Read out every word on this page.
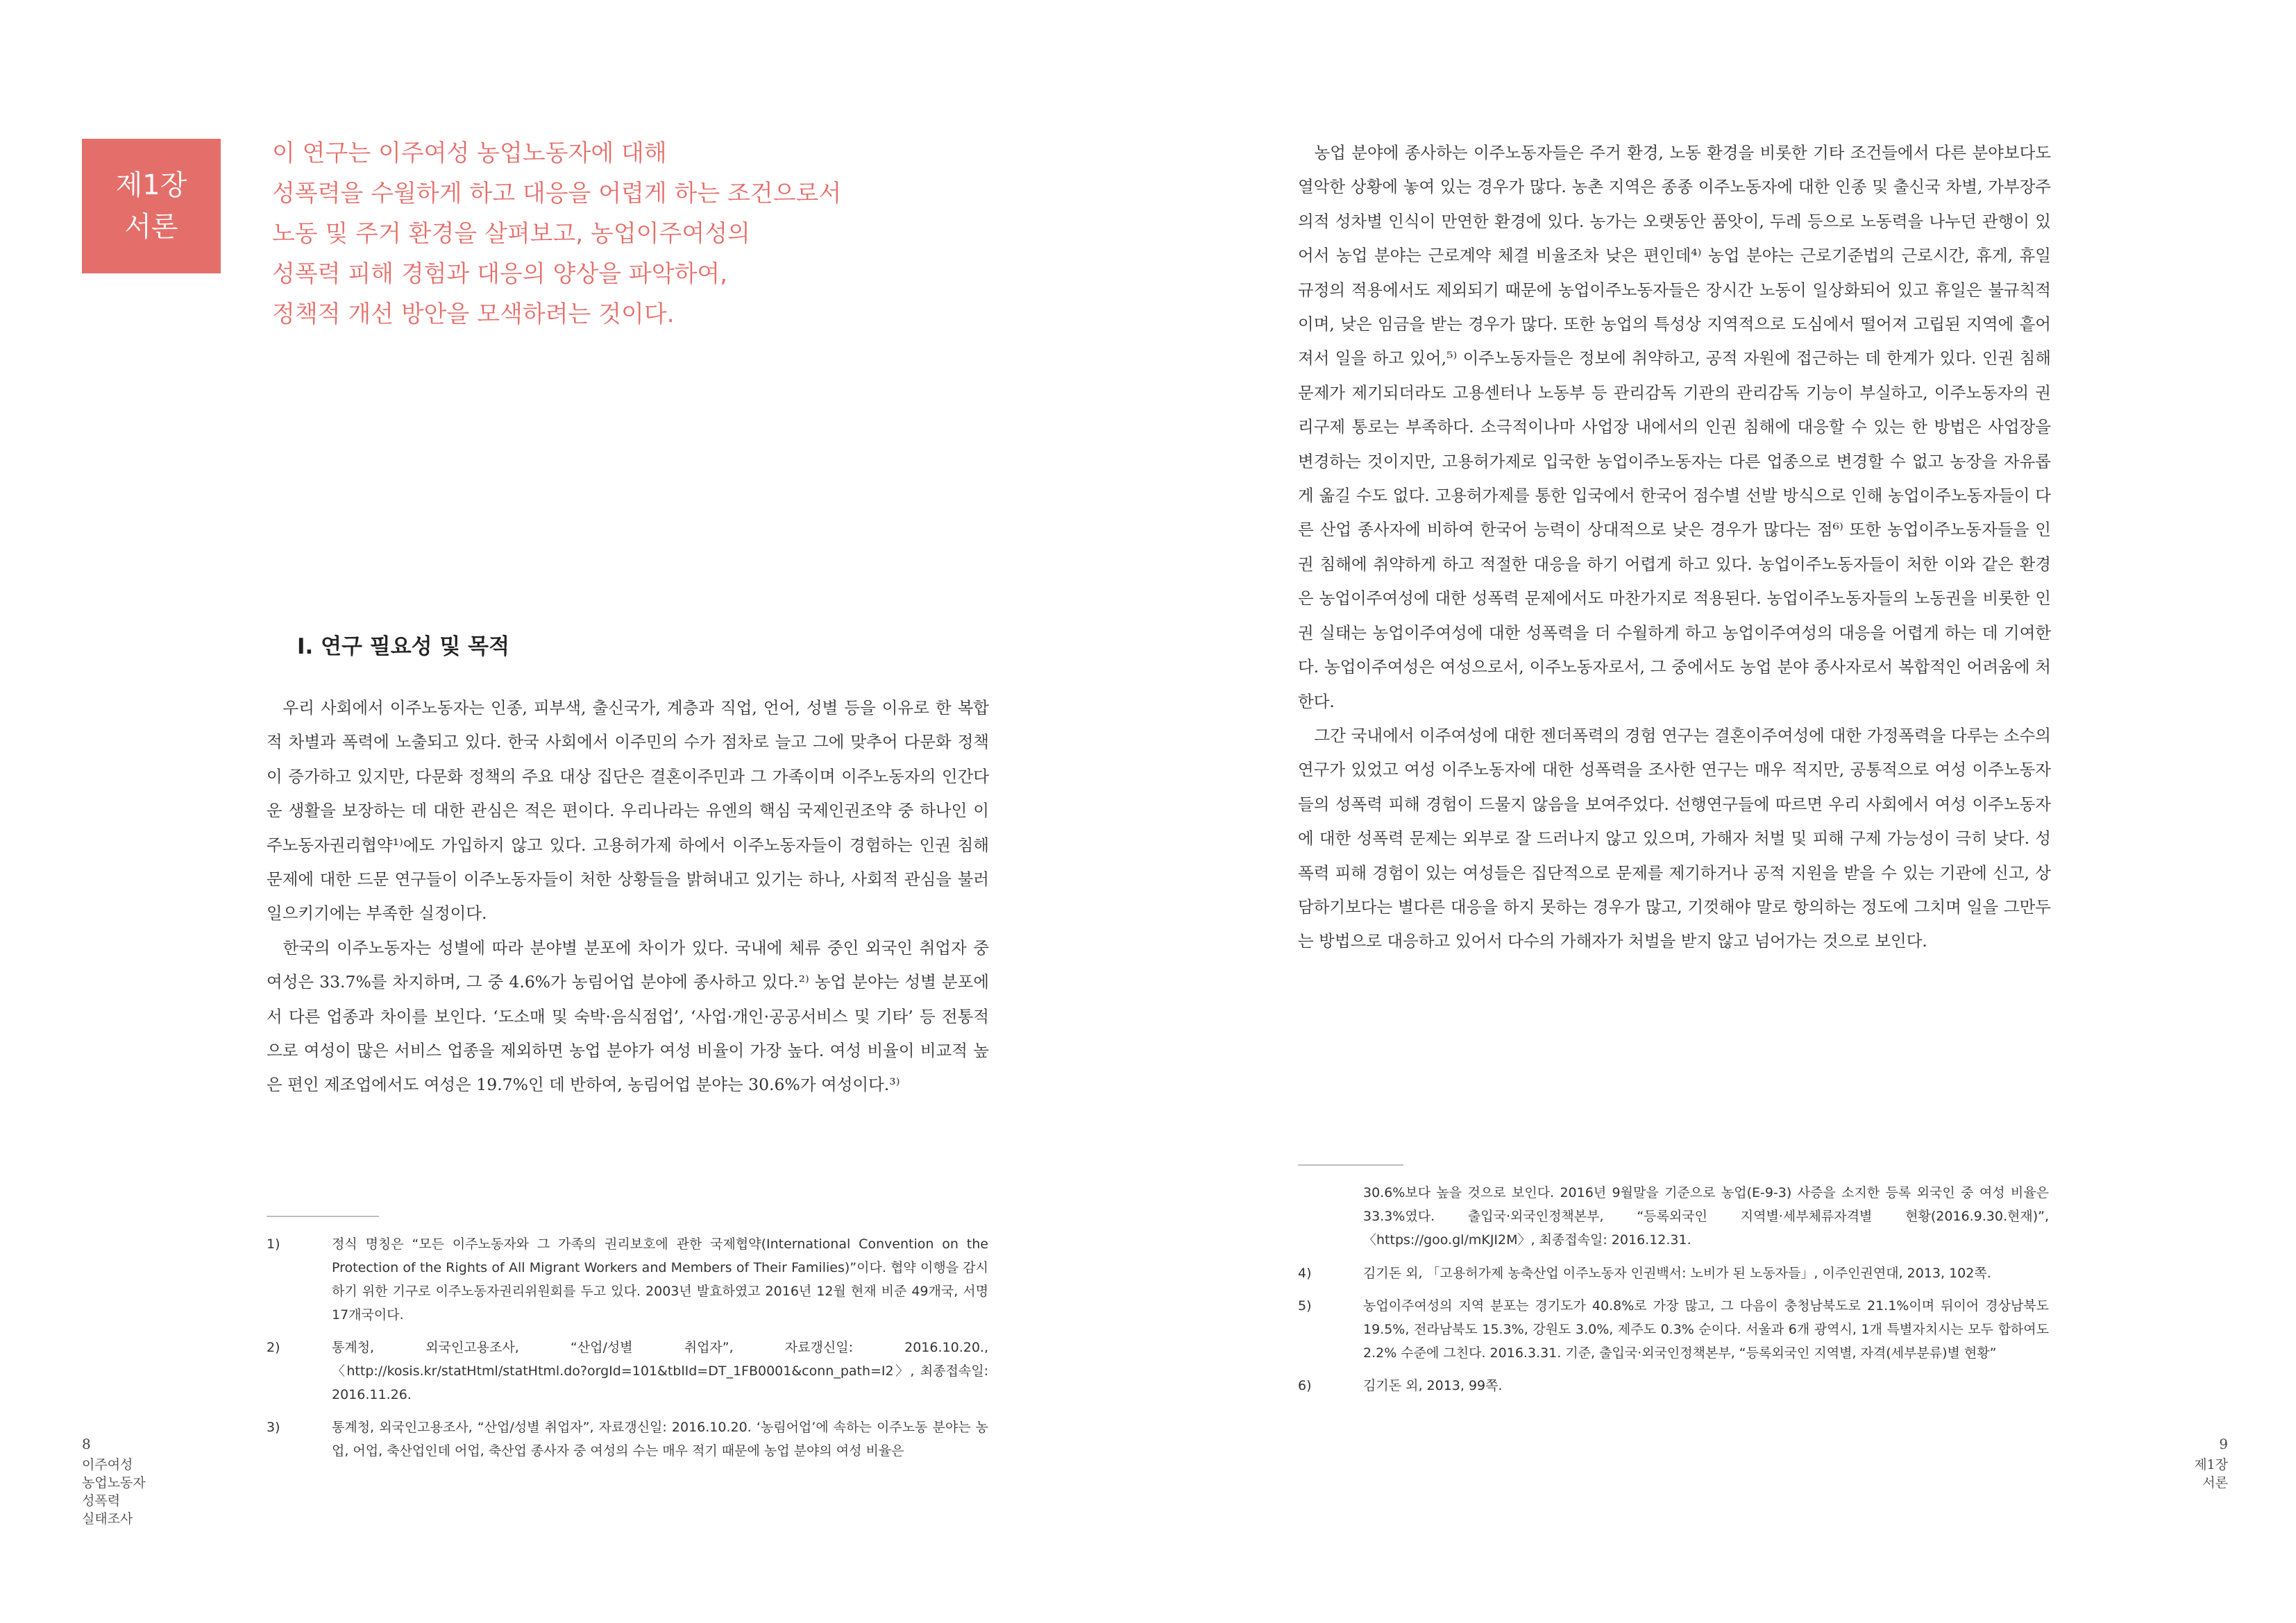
제1장
서론
이 연구는 이주여성 농업노동자에 대해
성폭력을 수월하게 하고 대응을 어렵게 하는 조건으로서
노동 및 주거 환경을 살펴보고, 농업이주여성의
성폭력 피해 경험과 대응의 양상을 파악하여,
정책적 개선 방안을 모색하려는 것이다.
Ⅰ. 연구 필요성 및 목적

우리 사회에서 이주노동자는 인종, 피부색, 출신국가, 계층과 직업, 언어, 성별 등을 이유로 한 복합적 차별과 폭력에 노출되고 있다. 한국 사회에서 이주민의 수가 점차로 늘고 그에 맞추어 다문화 정책이 증가하고 있지만, 다문화 정책의 주요 대상 집단은 결혼이주민과 그 가족이며 이주노동자의 인간다운 생활을 보장하는 데 대한 관심은 적은 편이다. 우리나라는 유엔의 핵심 국제인권조약 중 하나인 이주노동자권리협약¹⁾에도 가입하지 않고 있다. 고용허가제 하에서 이주노동자들이 경험하는 인권 침해 문제에 대한 드문 연구들이 이주노동자들이 처한 상황들을 밝혀내고 있기는 하나, 사회적 관심을 불러일으키기에는 부족한 실정이다.

한국의 이주노동자는 성별에 따라 분야별 분포에 차이가 있다. 국내에 체류 중인 외국인 취업자 중 여성은 33.7%를 차지하며, 그 중 4.6%가 농림어업 분야에 종사하고 있다.²⁾ 농업 분야는 성별 분포에서 다른 업종과 차이를 보인다. ‘도소매 및 숙박·음식점업’, ‘사업·개인·공공서비스 및 기타’ 등 전통적으로 여성이 많은 서비스 업종을 제외하면 농업 분야가 여성 비율이 가장 높다. 여성 비율이 비교적 높은 편인 제조업에서도 여성은 19.7%인 데 반하여, 농림어업 분야는 30.6%가 여성이다.³⁾

1)	정식 명칭은 “모든 이주노동자와 그 가족의 권리보호에 관한 국제협약(International Convention on the Protection of the Rights of All Migrant Workers and Members of Their Families)”이다. 협약 이행을 감시하기 위한 기구로 이주노동자권리위원회를 두고 있다. 2003년 발효하였고 2016년 12월 현재 비준 49개국, 서명 17개국이다.
2)	통계청, 외국인고용조사, “산업/성별 취업자”, 자료갱신일: 2016.10.20., 〈http://kosis.kr/statHtml/statHtml.do?orgId=101&tblId=DT_1FB0001&conn_path=I2〉, 최종접속일: 2016.11.26.
3)	통계청, 외국인고용조사, “산업/성별 취업자”, 자료갱신일: 2016.10.20. ‘농림어업’에 속하는 이주노동 분야는 농업, 어업, 축산업인데 어업, 축산업 종사자 중 여성의 수는 매우 적기 때문에 농업 분야의 여성 비율은
8
이주여성
농업노동자
성폭력
실태조사

농업 분야에 종사하는 이주노동자들은 주거 환경, 노동 환경을 비롯한 기타 조건들에서 다른 분야보다도 열악한 상황에 놓여 있는 경우가 많다. 농촌 지역은 종종 이주노동자에 대한 인종 및 출신국 차별, 가부장주의적 성차별 인식이 만연한 환경에 있다. 농가는 오랫동안 품앗이, 두레 등으로 노동력을 나누던 관행이 있어서 농업 분야는 근로계약 체결 비율조차 낮은 편인데⁴⁾ 농업 분야는 근로기준법의 근로시간, 휴게, 휴일 규정의 적용에서도 제외되기 때문에 농업이주노동자들은 장시간 노동이 일상화되어 있고 휴일은 불규칙적이며, 낮은 임금을 받는 경우가 많다. 또한 농업의 특성상 지역적으로 도심에서 떨어져 고립된 지역에 흩어져서 일을 하고 있어,⁵⁾ 이주노동자들은 정보에 취약하고, 공적 자원에 접근하는 데 한계가 있다. 인권 침해 문제가 제기되더라도 고용센터나 노동부 등 관리감독 기관의 관리감독 기능이 부실하고, 이주노동자의 권리구제 통로는 부족하다. 소극적이나마 사업장 내에서의 인권 침해에 대응할 수 있는 한 방법은 사업장을 변경하는 것이지만, 고용허가제로 입국한 농업이주노동자는 다른 업종으로 변경할 수 없고 농장을 자유롭게 옮길 수도 없다. 고용허가제를 통한 입국에서 한국어 점수별 선발 방식으로 인해 농업이주노동자들이 다른 산업 종사자에 비하여 한국어 능력이 상대적으로 낮은 경우가 많다는 점⁶⁾ 또한 농업이주노동자들을 인권 침해에 취약하게 하고 적절한 대응을 하기 어렵게 하고 있다. 농업이주노동자들이 처한 이와 같은 환경은 농업이주여성에 대한 성폭력 문제에서도 마찬가지로 적용된다. 농업이주노동자들의 노동권을 비롯한 인권 실태는 농업이주여성에 대한 성폭력을 더 수월하게 하고 농업이주여성의 대응을 어렵게 하는 데 기여한다. 농업이주여성은 여성으로서, 이주노동자로서, 그 중에서도 농업 분야 종사자로서 복합적인 어려움에 처한다.

그간 국내에서 이주여성에 대한 젠더폭력의 경험 연구는 결혼이주여성에 대한 가정폭력을 다루는 소수의 연구가 있었고 여성 이주노동자에 대한 성폭력을 조사한 연구는 매우 적지만, 공통적으로 여성 이주노동자들의 성폭력 피해 경험이 드물지 않음을 보여주었다. 선행연구들에 따르면 우리 사회에서 여성 이주노동자에 대한 성폭력 문제는 외부로 잘 드러나지 않고 있으며, 가해자 처벌 및 피해 구제 가능성이 극히 낮다. 성폭력 피해 경험이 있는 여성들은 집단적으로 문제를 제기하거나 공적 지원을 받을 수 있는 기관에 신고, 상담하기보다는 별다른 대응을 하지 못하는 경우가 많고, 기껏해야 말로 항의하는 정도에 그치며 일을 그만두는 방법으로 대응하고 있어서 다수의 가해자가 처벌을 받지 않고 넘어가는 것으로 보인다.

30.6%보다 높을 것으로 보인다. 2016년 9월말을 기준으로 농업(E-9-3) 사증을 소지한 등록 외국인 중 여성 비율은 33.3%였다. 출입국·외국인정책본부, “등록외국인 지역별·세부체류자격별 현황(2016.9.30.현재)”, 〈https://goo.gl/mKJI2M〉, 최종접속일: 2016.12.31.
4)	김기돈 외, 「고용허가제 농축산업 이주노동자 인권백서: 노비가 된 노동자들」, 이주인권연대, 2013, 102쪽.
5)	농업이주여성의 지역 분포는 경기도가 40.8%로 가장 많고, 그 다음이 충청남북도로 21.1%이며 뒤이어 경상남북도 19.5%, 전라남북도 15.3%, 강원도 3.0%, 제주도 0.3% 순이다. 서울과 6개 광역시, 1개 특별자치시는 모두 합하여도 2.2% 수준에 그친다. 2016.3.31. 기준, 출입국·외국인정책본부, “등록외국인 지역별, 자격(세부분류)별 현황”
6)	김기돈 외, 2013, 99쪽.
9
제1장
서론
